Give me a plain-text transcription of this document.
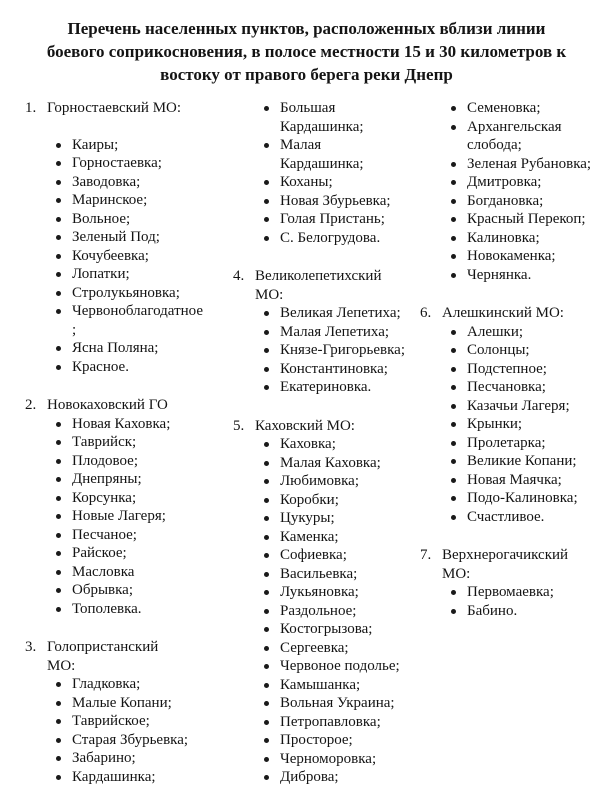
Перечень населенных пунктов, расположенных вблизи линии боевого соприкосновения, в полосе местности 15 и 30 километров к востоку от правого берега реки Днепр
1. Горностаевский МО:
Каиры;
Горностаевка;
Заводовка;
Маринское;
Вольное;
Зеленый Под;
Кочубеевка;
Лопатки;
Стролукьяновка;
Червоноблагодатное;
Ясна Поляна;
Красное.
2. Новокаховский ГО
Новая Каховка;
Таврийск;
Плодовое;
Днепряны;
Корсунка;
Новые Лагеря;
Песчаное;
Райское;
Масловка
Обрывка;
Тополевка.
3. Голопристанский МО:
Гладковка;
Малые Копани;
Таврийское;
Старая Збурьевка;
Забарино;
Кардашинка;
Большая Кардашинка;
Малая Кардашинка;
Коханы;
Новая Збурьевка;
Голая Пристань;
С. Белогрудова.
4. Великолепетихский МО:
Великая Лепетиха;
Малая Лепетиха;
Князе-Григорьевка;
Константиновка;
Екатериновка.
5. Каховский МО:
Каховка;
Малая Каховка;
Любимовка;
Коробки;
Цукуры;
Каменка;
Софиевка;
Васильевка;
Лукьяновка;
Раздольное;
Костогрызова;
Сергеевка;
Червоное подолье;
Камышанка;
Вольная Украина;
Петропавловка;
Просторое;
Черноморовка;
Диброва;
Семеновка;
Архангельская слобода;
Зеленая Рубановка;
Дмитровка;
Богдановка;
Красный Перекоп;
Калиновка;
Новокаменка;
Чернянка.
6. Алешкинский МО:
Алешки;
Солонцы;
Подстепное;
Песчановка;
Казачьи Лагеря;
Крынки;
Пролетарка;
Великие Копани;
Новая Маячка;
Подо-Калиновка;
Счастливое.
7. Верхнерогачикский МО:
Первомаевка;
Бабино.
